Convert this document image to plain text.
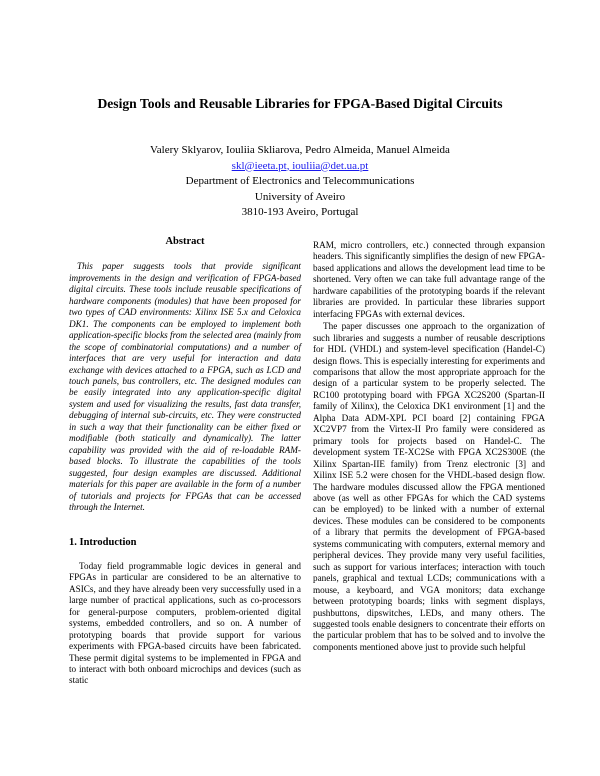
Design Tools and Reusable Libraries for FPGA-Based Digital Circuits
Valery Sklyarov, Iouliia Skliarova, Pedro Almeida, Manuel Almeida
skl@ieeta.pt, iouliia@det.ua.pt
Department of Electronics and Telecommunications
University of Aveiro
3810-193 Aveiro, Portugal
Abstract

This paper suggests tools that provide significant improvements in the design and verification of FPGA-based digital circuits. These tools include reusable specifications of hardware components (modules) that have been proposed for two types of CAD environments: Xilinx ISE 5.x and Celoxica DK1. The components can be employed to implement both application-specific blocks from the selected area (mainly from the scope of combinatorial computations) and a number of interfaces that are very useful for interaction and data exchange with devices attached to a FPGA, such as LCD and touch panels, bus controllers, etc. The designed modules can be easily integrated into any application-specific digital system and used for visualizing the results, fast data transfer, debugging of internal sub-circuits, etc. They were constructed in such a way that their functionality can be either fixed or modifiable (both statically and dynamically). The latter capability was provided with the aid of re-loadable RAM-based blocks. To illustrate the capabilities of the tools suggested, four design examples are discussed. Additional materials for this paper are available in the form of a number of tutorials and projects for FPGAs that can be accessed through the Internet.

1. Introduction

Today field programmable logic devices in general and FPGAs in particular are considered to be an alternative to ASICs, and they have already been very successfully used in a large number of practical applications, such as co-processors for general-purpose computers, problem-oriented digital systems, embedded controllers, and so on. A number of prototyping boards that provide support for various experiments with FPGA-based circuits have been fabricated. These permit digital systems to be implemented in FPGA and to interact with both onboard microchips and devices (such as static

RAM, micro controllers, etc.) connected through expansion headers. This significantly simplifies the design of new FPGA-based applications and allows the development lead time to be shortened. Very often we can take full advantage range of the hardware capabilities of the prototyping boards if the relevant libraries are provided. In particular these libraries support interfacing FPGAs with external devices.

The paper discusses one approach to the organization of such libraries and suggests a number of reusable descriptions for HDL (VHDL) and system-level specification (Handel-C) design flows. This is especially interesting for experiments and comparisons that allow the most appropriate approach for the design of a particular system to be properly selected. The RC100 prototyping board with FPGA XC2S200 (Spartan-II family of Xilinx), the Celoxica DK1 environment [1] and the Alpha Data ADM-XPL PCI board [2] containing FPGA XC2VP7 from the Virtex-II Pro family were considered as primary tools for projects based on Handel-C. The development system TE-XC2Se with FPGA XC2S300E (the Xilinx Spartan-IIE family) from Trenz electronic [3] and Xilinx ISE 5.2 were chosen for the VHDL-based design flow. The hardware modules discussed allow the FPGA mentioned above (as well as other FPGAs for which the CAD systems can be employed) to be linked with a number of external devices. These modules can be considered to be components of a library that permits the development of FPGA-based systems communicating with computers, external memory and peripheral devices. They provide many very useful facilities, such as support for various interfaces; interaction with touch panels, graphical and textual LCDs; communications with a mouse, a keyboard, and VGA monitors; data exchange between prototyping boards; links with segment displays, pushbuttons, dipswitches, LEDs, and many others. The suggested tools enable designers to concentrate their efforts on the particular problem that has to be solved and to involve the components mentioned above just to provide such helpful
